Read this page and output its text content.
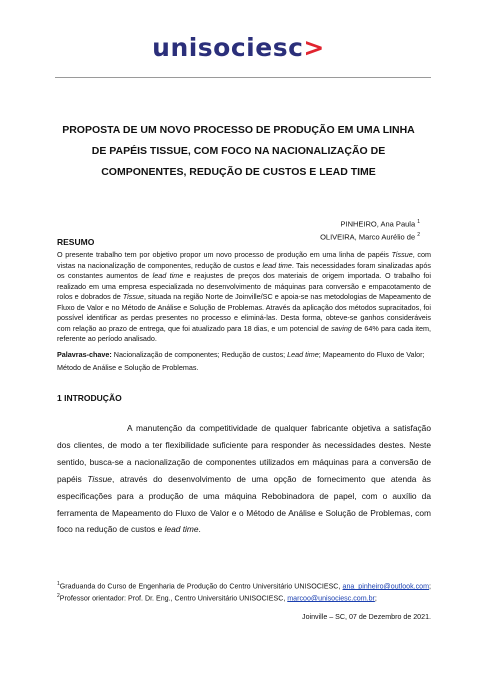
unisociesc>
PROPOSTA DE UM NOVO PROCESSO DE PRODUÇÃO EM UMA LINHA DE PAPÉIS TISSUE, COM FOCO NA NACIONALIZAÇÃO DE COMPONENTES, REDUÇÃO DE CUSTOS E LEAD TIME
PINHEIRO, Ana Paula $^1$
OLIVEIRA, Marco Aurélio de $^2$
RESUMO
O presente trabalho tem por objetivo propor um novo processo de produção em uma linha de papéis Tissue, com vistas na nacionalização de componentes, redução de custos e lead time. Tais necessidades foram sinalizadas após os constantes aumentos de lead time e reajustes de preços dos materiais de origem importada. O trabalho foi realizado em uma empresa especializada no desenvolvimento de máquinas para conversão e empacotamento de rolos e dobrados de Tissue, situada na região Norte de Joinville/SC e apoia-se nas metodologias de Mapeamento de Fluxo de Valor e no Método de Análise e Solução de Problemas. Através da aplicação dos métodos supracitados, foi possível identificar as perdas presentes no processo e eliminá-las. Desta forma, obteve-se ganhos consideráveis com relação ao prazo de entrega, que foi atualizado para 18 dias, e um potencial de saving de 64% para cada item, referente ao período analisado.
Palavras-chave: Nacionalização de componentes; Redução de custos; Lead time; Mapeamento do Fluxo de Valor; Método de Análise e Solução de Problemas.
1 INTRODUÇÃO
A manutenção da competitividade de qualquer fabricante objetiva a satisfação dos clientes, de modo a ter flexibilidade suficiente para responder às necessidades destes. Neste sentido, busca-se a nacionalização de componentes utilizados em máquinas para a conversão de papéis Tissue, através do desenvolvimento de uma opção de fornecimento que atenda às especificações para a produção de uma máquina Rebobinadora de papel, com o auxílio da ferramenta de Mapeamento do Fluxo de Valor e o Método de Análise e Solução de Problemas, com foco na redução de custos e lead time.
$^1$Graduanda do Curso de Engenharia de Produção do Centro Universitário UNISOCIESC, ana_pinheiro@outlook.com; $^2$Professor orientador: Prof. Dr. Eng., Centro Universitário UNISOCIESC, marcoo@unisociesc.com.br;
Joinville – SC, 07 de Dezembro de 2021.
